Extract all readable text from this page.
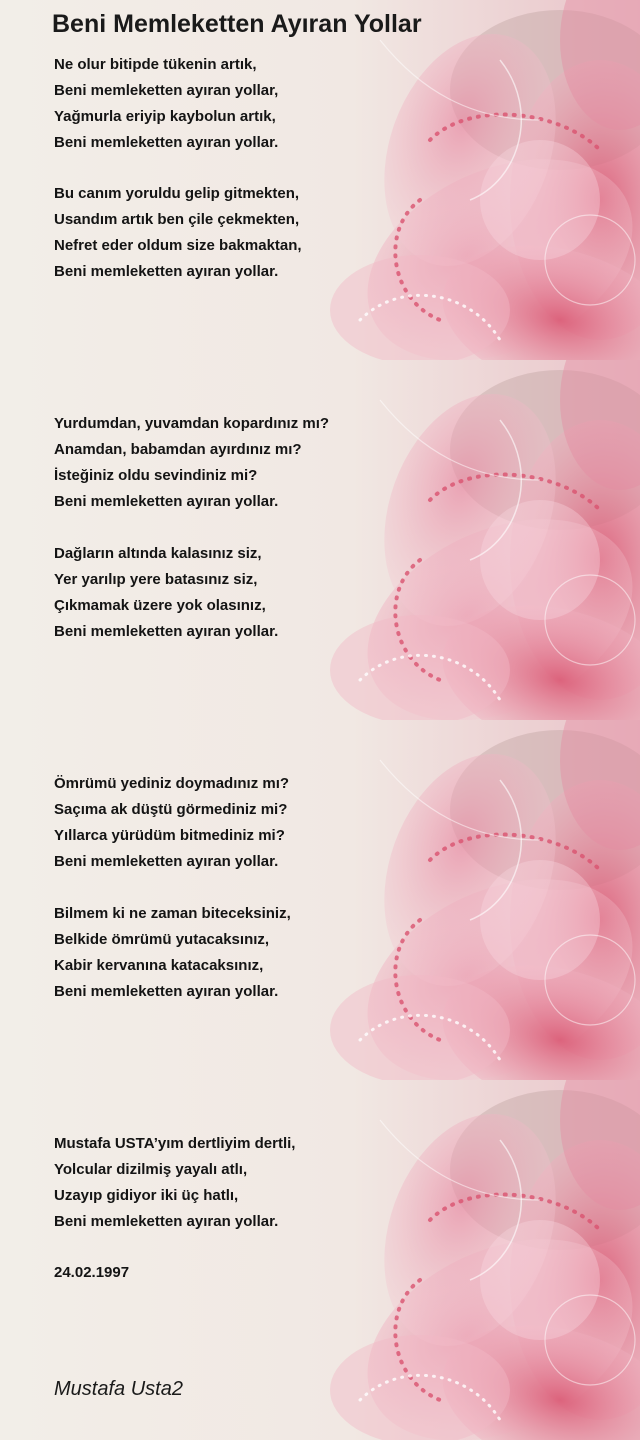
Beni Memleketten Ayıran Yollar

Ne olur bitipde tükenin artık,
Beni memleketten ayıran yollar,
Yağmurla eriyip kaybolun artık,
Beni memleketten ayıran yollar.

Bu canım yoruldu gelip gitmekten,
Usandım artık ben çile çekmekten,
Nefret eder oldum size bakmaktan,
Beni memleketten ayıran yollar.

Yurdumdan, yuvamdan kopardınız mı?
Anamdan, babamdan ayırdınız mı?
İsteğiniz oldu sevindiniz mi?
Beni memleketten ayıran yollar.

Dağların altında kalasınız siz,
Yer yarılıp yere batasınız siz,
Çıkmamak üzere yok olasınız,
Beni memleketten ayıran yollar.

Ömrümü yediniz doymadınız mı?
Saçıma ak düştü görmediniz mi?
Yıllarca yürüdüm bitmediniz mi?
Beni memleketten ayıran yollar.

Bilmem ki ne zaman biteceksiniz,
Belkide ömrümü yutacaksınız,
Kabir kervanına katacaksınız,
Beni memleketten ayıran yollar.

Mustafa USTA’yım dertliyim dertli,
Yolcular dizilmiş yayalı atlı,
Uzayıp gidiyor iki üç hatlı,
Beni memleketten ayıran yollar.

24.02.1997

Mustafa Usta2
